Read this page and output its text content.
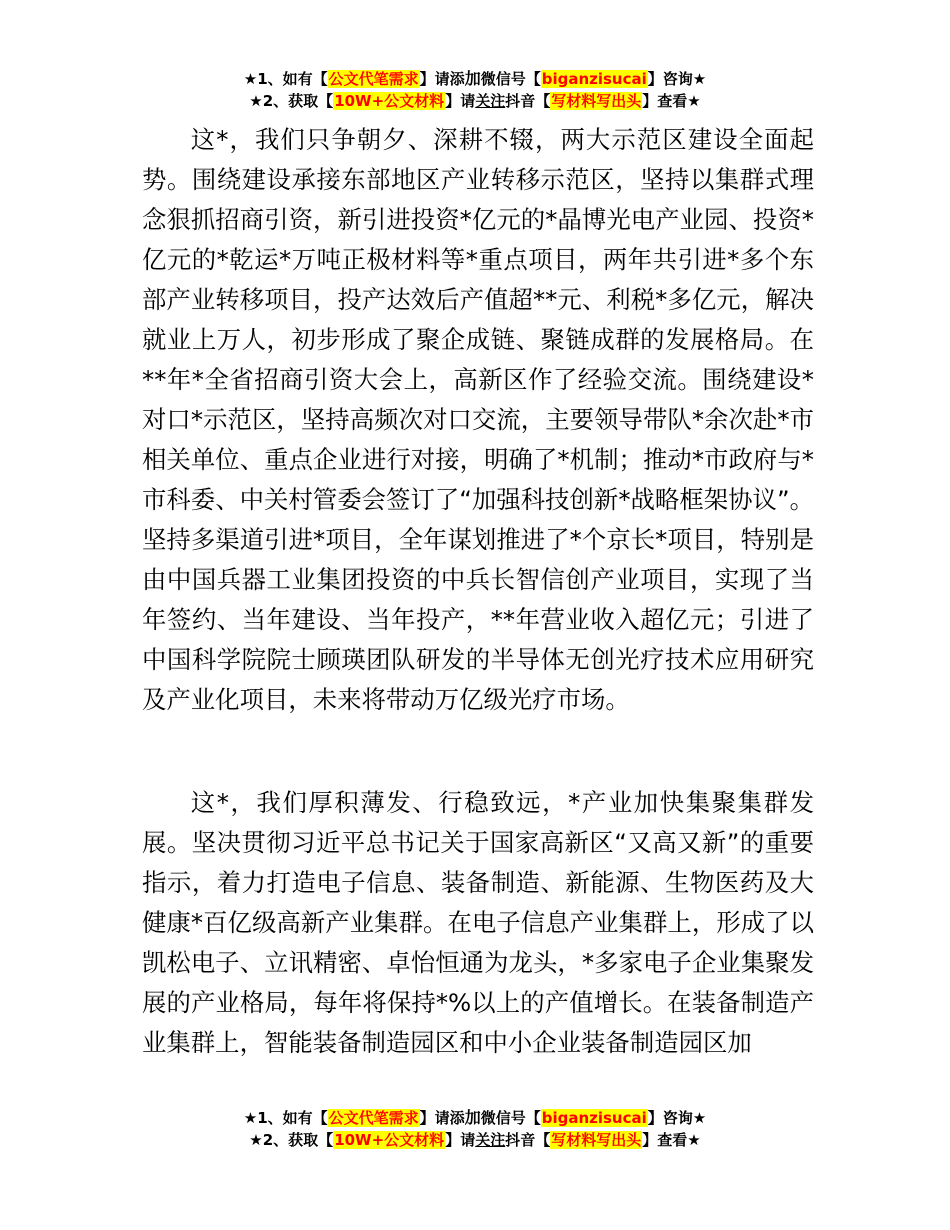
★1、如有【公文代笔需求】请添加微信号【biganzisucai】咨询★
★2、获取【10W+公文材料】请关注抖音【写材料写出头】查看★

这*，我们只争朝夕、深耕不辍，两大示范区建设全面起势。围绕建设承接东部地区产业转移示范区，坚持以集群式理念狠抓招商引资，新引进投资*亿元的*晶博光电产业园、投资*亿元的*乾运*万吨正极材料等*重点项目，两年共引进*多个东部产业转移项目，投产达效后产值超**元、利税*多亿元，解决就业上万人，初步形成了聚企成链、聚链成群的发展格局。在**年*全省招商引资大会上，高新区作了经验交流。围绕建设*对口*示范区，坚持高频次对口交流，主要领导带队*余次赴*市相关单位、重点企业进行对接，明确了*机制；推动*市政府与*市科委、中关村管委会签订了“加强科技创新*战略框架协议”。坚持多渠道引进*项目，全年谋划推进了*个京长*项目，特别是由中国兵器工业集团投资的中兵长智信创产业项目，实现了当年签约、当年建设、当年投产，**年营业收入超亿元；引进了中国科学院院士顾瑛团队研发的半导体无创光疗技术应用研究及产业化项目，未来将带动万亿级光疗市场。

这*，我们厚积薄发、行稳致远，*产业加快集聚集群发展。坚决贯彻习近平总书记关于国家高新区“又高又新”的重要指示，着力打造电子信息、装备制造、新能源、生物医药及大健康*百亿级高新产业集群。在电子信息产业集群上，形成了以凯松电子、立讯精密、卓怡恒通为龙头，*多家电子企业集聚发展的产业格局，每年将保持*%以上的产值增长。在装备制造产业集群上，智能装备制造园区和中小企业装备制造园区加

★1、如有【公文代笔需求】请添加微信号【biganzisucai】咨询★
★2、获取【10W+公文材料】请关注抖音【写材料写出头】查看★
